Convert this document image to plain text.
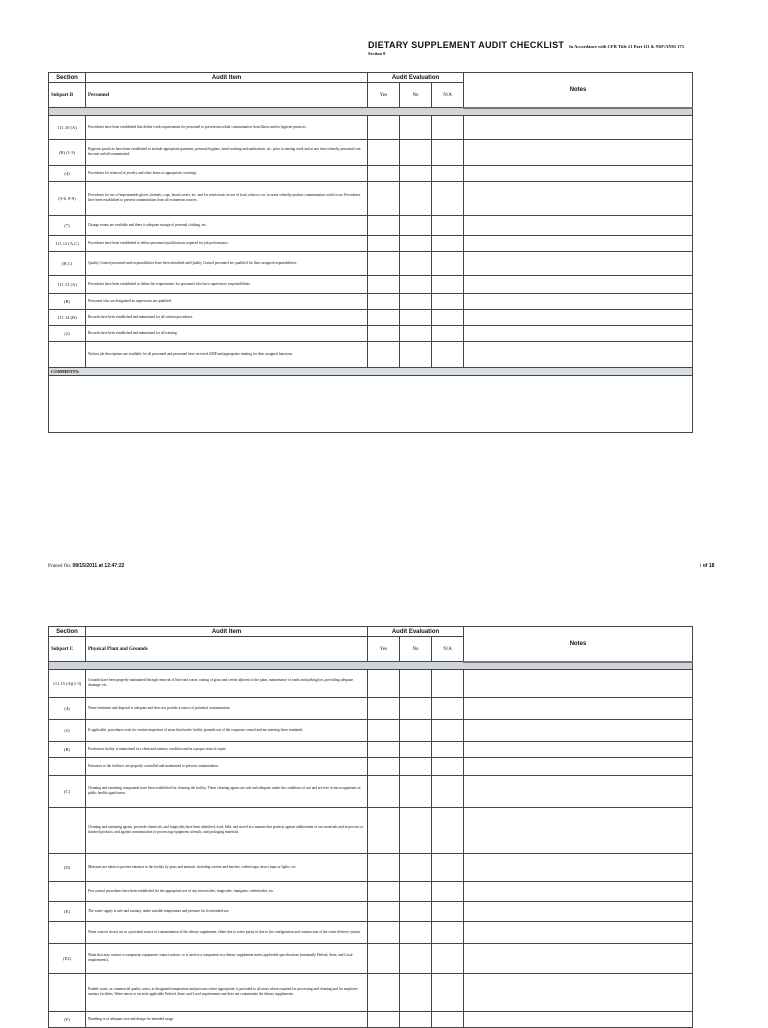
DIETARY SUPPLEMENT AUDIT CHECKLIST In Accordance with CFR Title 21 Part 111 & NSF/ANSI 173
Section 8
Section	Audit Item	Audit Evaluation			Notes
Subpart B	Personnel	Yes	No	N/A	

111.10 (A)	Procedures have been established that define work requirements for personnel to prevent microbial contamination from illness and/or hygiene practices.				
(B) (1-3)	Hygienic practices have been established to include appropriate garments, personal hygiene, hand washing and sanitization, etc. prior to starting work and at any time whereby personnel can become soiled/contaminated.				
(4)	Procedures for removal of jewelry and other items or appropriate coverings.				
(5-6, 8-9)	Procedures for use of impermeable gloves, hairnets, caps, beard covers, etc. and for restrictions on use of food, tobacco, etc. in areas whereby product contamination could occur. Procedures have been established to prevent contamination from all extraneous sources.				
(7)	Change rooms are available and there is adequate storage of personal clothing, etc.				
111.12 (A,C)	Procedures have been established to define personnel qualifications required for job performance.				
(B,C)	Quality Control personnel and responsibilities have been identified and Quality Control personnel are qualified for their assigned responsibilities.				
111.13 (A)	Procedures have been established to define the requirements for personnel who have supervisory responsibilities.				
(B)	Personnel who are designated as supervisors are qualified.				
111.14 (B)	Records have been established and maintained for all written procedures.				
(2)	Records have been established and maintained for all training.				
	Written job descriptions are available for all personnel and personnel have received GMP and appropriate training for their assigned functions.				
COMMENTS:					

Printed On: 08/15/2011 at 12:47:22	1 of 18
Section	Audit Item	Audit Evaluation			Notes
Subpart C	Physical Plant and Grounds	Yes	No	N/A	

111.15 (A)(1-3)	Grounds have been properly maintained through removal of litter and waste, cutting of grass and weeds adjacent to the plant, maintenance of roads and parking lots, providing adequate drainage, etc.				
(4)	Waste treatment and disposal is adequate and does not provide a source of potential contamination.				
(5)	If applicable, procedures exist for routine inspection of areas that border facility grounds out of the corporate control and not meeting these standards.				
(B)	Production facility is maintained in a clean and sanitary condition and in a proper state of repair.				
	Entrances to the facilities are properly controlled and maintained to prevent contamination.				
(C)	Cleaning and sanitizing compounds have been established for cleaning the facility. These cleaning agents are safe and adequate under the conditions of use and are free of microorganisms of public health significance.				
	Cleaning and sanitizing agents, pesticide chemicals, and fungicides have been identified, used, held, and stored in a manner that protects against adulteration of raw materials and in-process or finished products, and against contamination of processing equipment, utensils, and packaging materials.				
(D)	Measures are taken to prevent entrance to the facility by pests and animals, including screens and barriers, rodent traps, insect traps or lights, etc.				
	Pest control procedures have been established for the appropriate use of any insecticides, fungicides, fumigants, rodenticides, etc.				
(E)	The water supply is safe and sanitary, under suitable temperature and pressure for its intended use.				
	Water sources do not act as a potential source of contamination of the dietary supplement, either due to water purity or due to the configuration and construction of the water delivery system.				
(E2)	Water that may contact a component, equipment contact surface, or is used as a component in a dietary supplement meets applicable specifications (minimally Federal, State, and Local requirements).				
	Potable water, as commercial quality water, at designated temperature and pressure where appropriate, is provided to all areas where required for processing and cleaning and for employee sanitary facilities. Water meets or exceeds applicable Federal, State, and Local requirements and does not contaminate the dietary supplements.				
(F)	Plumbing is of adequate size and design for intended usage.				
